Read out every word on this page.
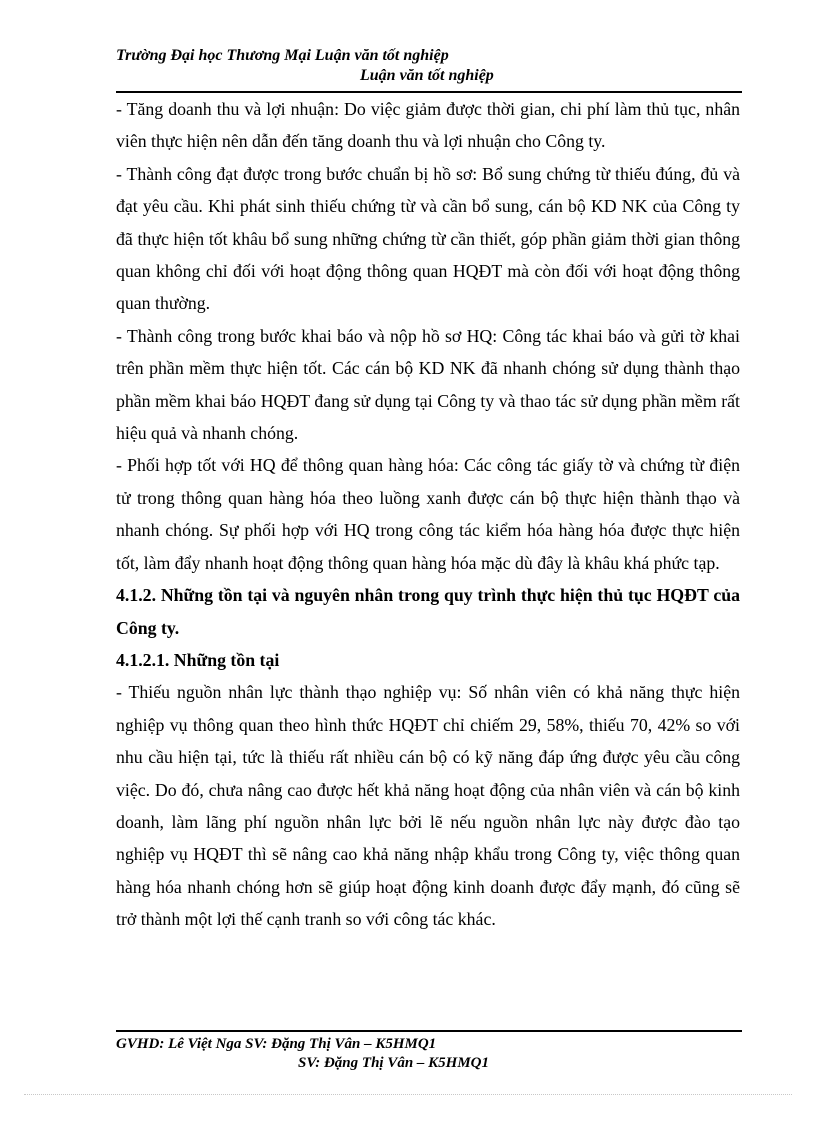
Trường Đại học Thương Mại Luận văn tốt nghiệp
Luận văn tốt nghiệp

- Tăng doanh thu và lợi nhuận: Do việc giảm được thời gian, chi phí làm thủ tục, nhân viên thực hiện nên dẫn đến tăng doanh thu và lợi nhuận cho Công ty.

- Thành công đạt được trong bước chuẩn bị hồ sơ: Bổ sung chứng từ thiếu đúng, đủ và đạt yêu cầu. Khi phát sinh thiếu chứng từ và cần bổ sung, cán bộ KD NK của Công ty đã thực hiện tốt khâu bổ sung những chứng từ cần thiết, góp phần giảm thời gian thông quan không chỉ đối với hoạt động thông quan HQĐT mà còn đối với hoạt động thông quan thường.

- Thành công trong bước khai báo và nộp hồ sơ HQ: Công tác khai báo và gửi tờ khai trên phần mềm thực hiện tốt. Các cán bộ KD NK đã nhanh chóng sử dụng thành thạo phần mềm khai báo HQĐT đang sử dụng tại Công ty và thao tác sử dụng phần mềm rất hiệu quả và nhanh chóng.

- Phối hợp tốt với HQ để thông quan hàng hóa: Các công tác giấy tờ và chứng từ điện tử trong thông quan hàng hóa theo luồng xanh được cán bộ thực hiện thành thạo và nhanh chóng. Sự phối hợp với HQ trong công tác kiểm hóa hàng hóa được thực hiện tốt, làm đẩy nhanh hoạt động thông quan hàng hóa mặc dù đây là khâu khá phức tạp.

4.1.2. Những tồn tại và nguyên nhân trong quy trình thực hiện thủ tục HQĐT của Công ty.

4.1.2.1. Những tồn tại

- Thiếu nguồn nhân lực thành thạo nghiệp vụ: Số nhân viên có khả năng thực hiện nghiệp vụ thông quan theo hình thức HQĐT chỉ chiếm 29, 58%, thiếu 70, 42% so với nhu cầu hiện tại, tức là thiếu rất nhiều cán bộ có kỹ năng đáp ứng được yêu cầu công việc. Do đó, chưa nâng cao được hết khả năng hoạt động của nhân viên và cán bộ kinh doanh, làm lãng phí nguồn nhân lực bởi lẽ nếu nguồn nhân lực này được đào tạo nghiệp vụ HQĐT thì sẽ nâng cao khả năng nhập khẩu trong Công ty, việc thông quan hàng hóa nhanh chóng hơn sẽ giúp hoạt động kinh doanh được đẩy mạnh, đó cũng sẽ trở thành một lợi thế cạnh tranh so với công tác khác.

GVHD: Lê Việt Nga SV: Đặng Thị Vân – K5HMQ1
SV: Đặng Thị Vân – K5HMQ1
